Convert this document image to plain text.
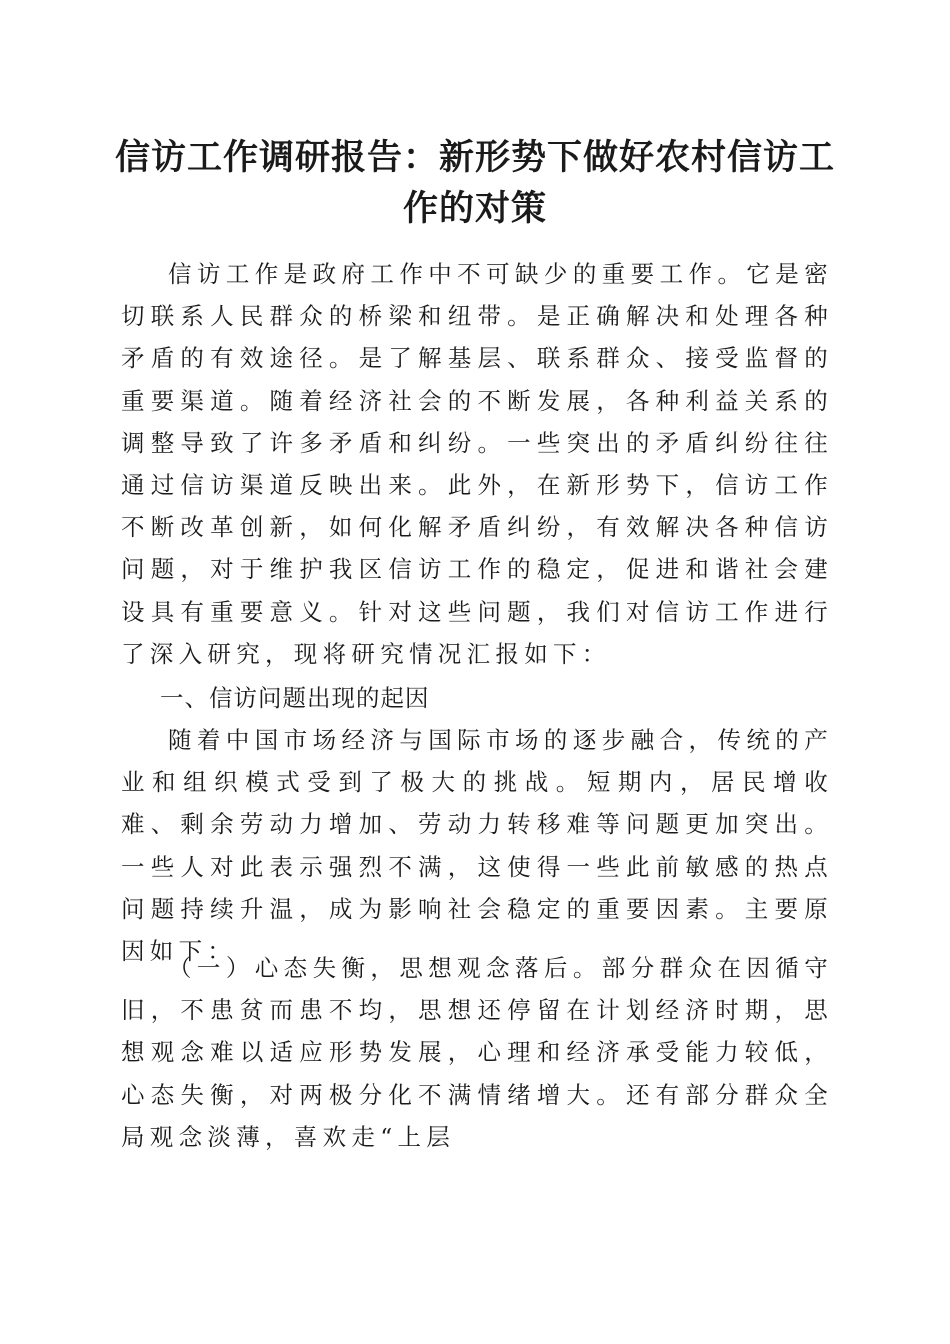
信访工作调研报告：新形势下做好农村信访工作的对策

信访工作是政府工作中不可缺少的重要工作。它是密切联系人民群众的桥梁和纽带。是正确解决和处理各种矛盾的有效途径。是了解基层、联系群众、接受监督的重要渠道。随着经济社会的不断发展，各种利益关系的调整导致了许多矛盾和纠纷。一些突出的矛盾纠纷往往通过信访渠道反映出来。此外，在新形势下，信访工作不断改革创新，如何化解矛盾纠纷，有效解决各种信访问题，对于维护我区信访工作的稳定，促进和谐社会建设具有重要意义。针对这些问题，我们对信访工作进行了深入研究，现将研究情况汇报如下：

一、信访问题出现的起因

随着中国市场经济与国际市场的逐步融合，传统的产业和组织模式受到了极大的挑战。短期内，居民增收难、剩余劳动力增加、劳动力转移难等问题更加突出。一些人对此表示强烈不满，这使得一些此前敏感的热点问题持续升温，成为影响社会稳定的重要因素。主要原因如下：

（一）心态失衡，思想观念落后。部分群众在因循守旧，不患贫而患不均，思想还停留在计划经济时期，思想观念难以适应形势发展，心理和经济承受能力较低，心态失衡，对两极分化不满情绪增大。还有部分群众全局观念淡薄，喜欢走“上层
